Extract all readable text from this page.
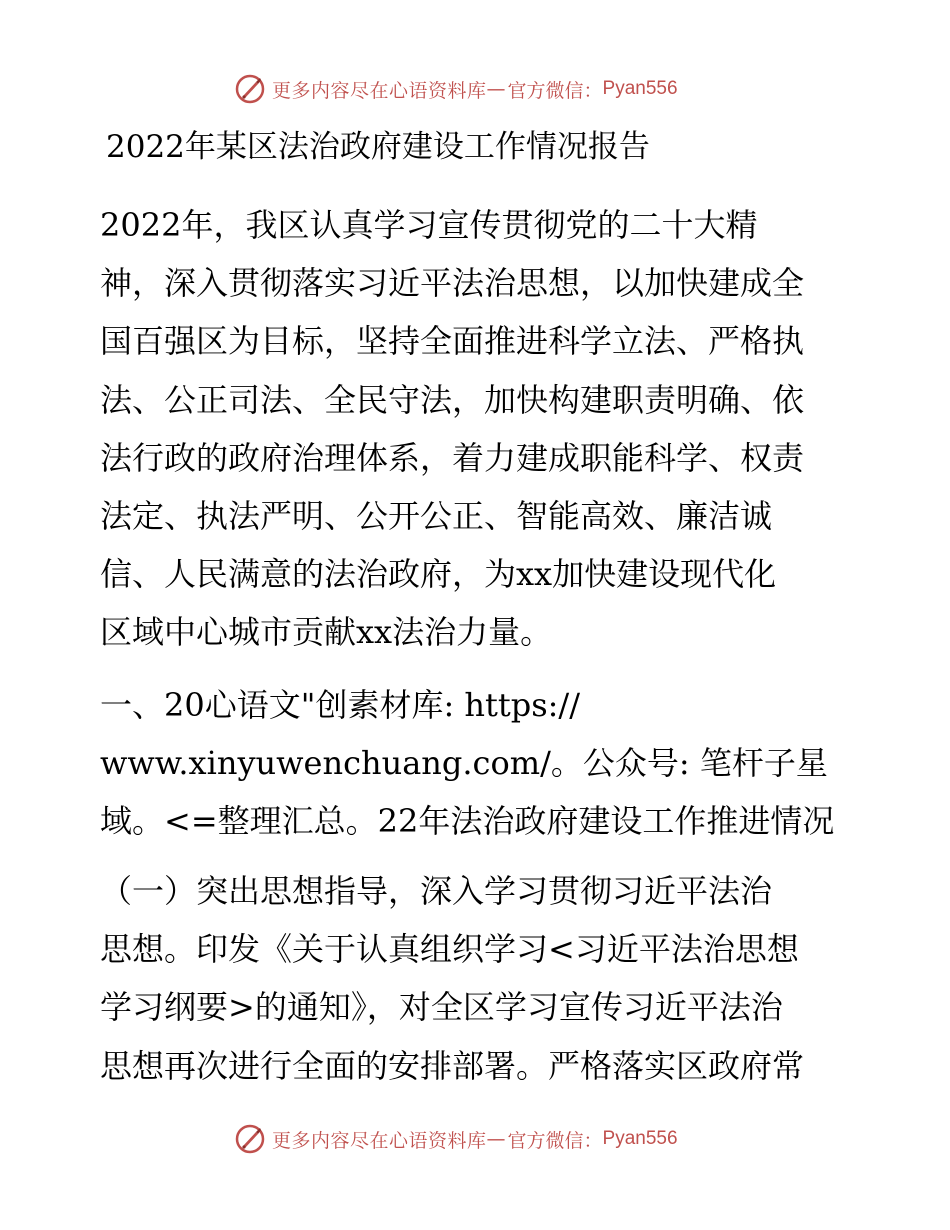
更多内容尽在心语资料库 — 官方微信： Pyan556
2022年某区法治政府建设工作情况报告

2022年，我区认真学习宣传贯彻党的二十大精
神，深入贯彻落实习近平法治思想，以加快建成全
国百强区为目标，坚持全面推进科学立法、严格执
法、公正司法、全民守法，加快构建职责明确、依
法行政的政府治理体系，着力建成职能科学、权责
法定、执法严明、公开公正、智能高效、廉洁诚
信、人民满意的法治政府，为xx加快建设现代化
区域中心城市贡献xx法治力量。

一、20心语文"创素材库: https://
www.xinyuwenchuang.com/。公众号: 笔杆子星
域。<=整理汇总。22年法治政府建设工作推进情况

（一）突出思想指导，深入学习贯彻习近平法治
思想。印发《关于认真组织学习<习近平法治思想
学习纲要>的通知》，对全区学习宣传习近平法治
思想再次进行全面的安排部署。严格落实区政府常

更多内容尽在心语资料库 — 官方微信： Pyan556
